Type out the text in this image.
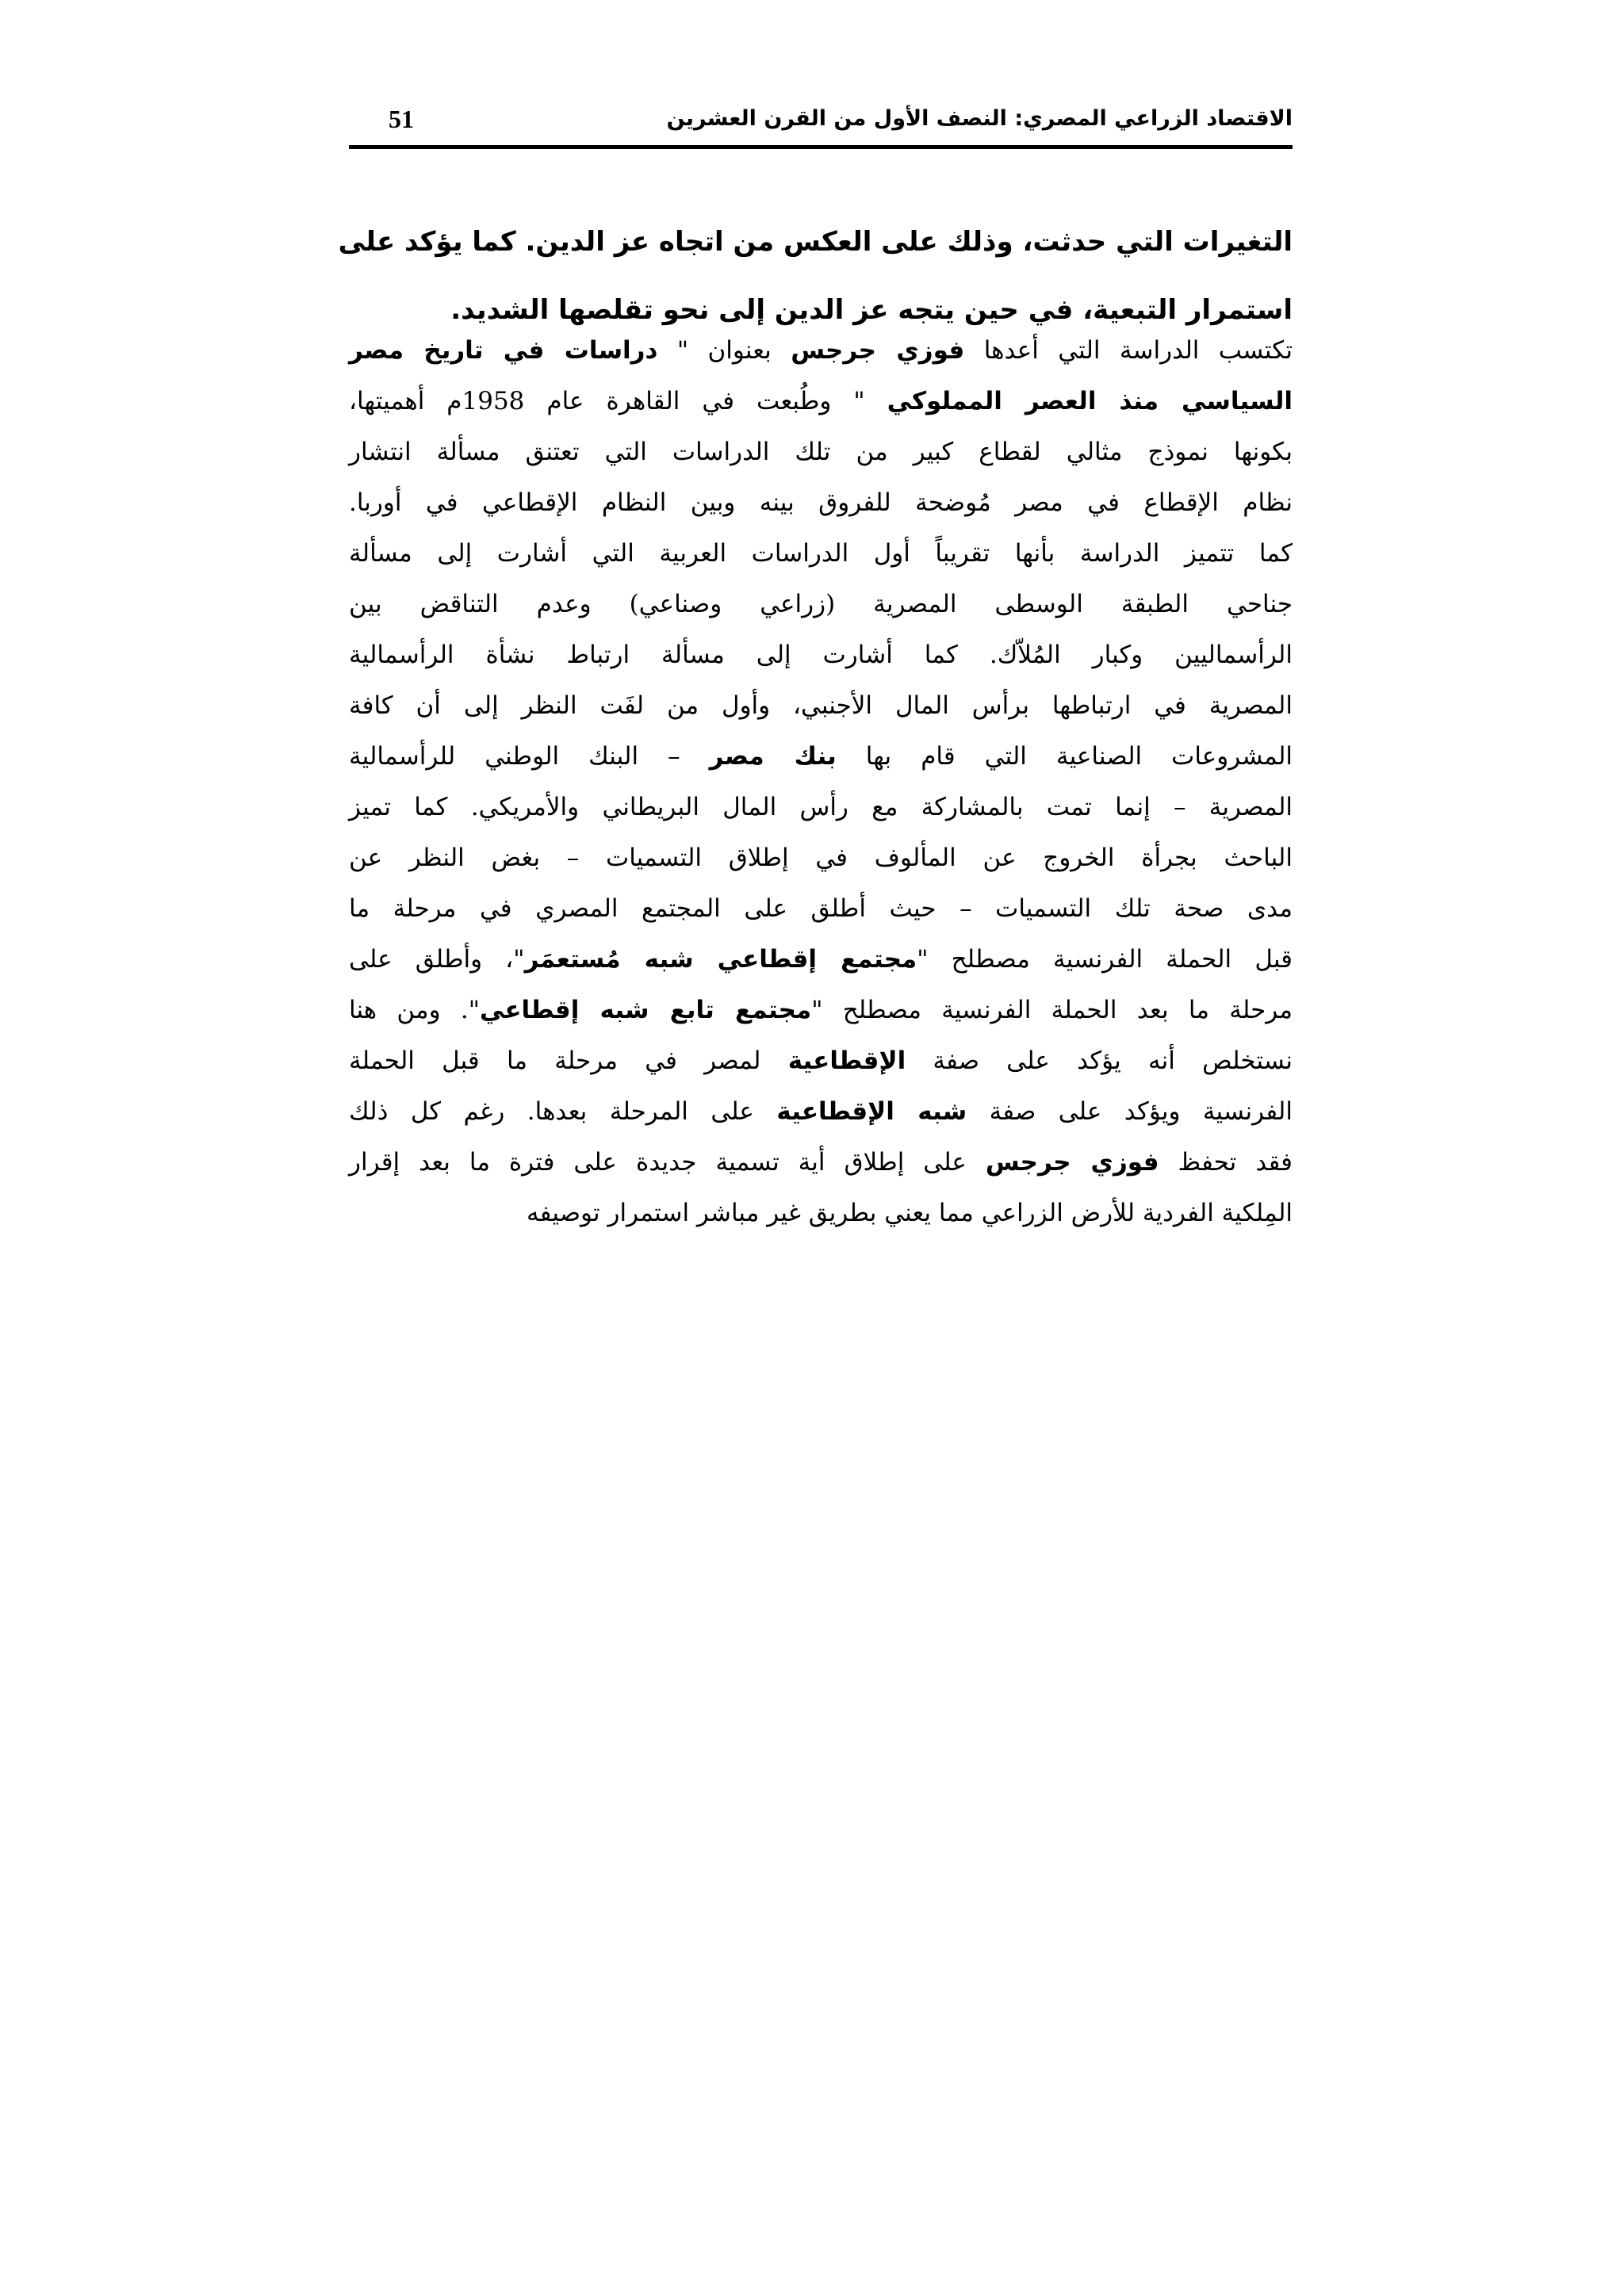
الاقتصاد الزراعي المصري: النصف الأول من القرن العشرين
51
التغيرات التي حدثت، وذلك على العكس من اتجاه عز الدين. كما يؤكد على
استمرار التبعية، في حين يتجه عز الدين إلى نحو تقلصها الشديد.
تكتسب الدراسة التي أعدها فوزي جرجس بعنوان " دراسات في تاريخ مصر
السياسي منذ العصر المملوكي " وطُبعت في القاهرة عام 1958م أهميتها،
بكونها نموذج مثالي لقطاع كبير من تلك الدراسات التي تعتنق مسألة انتشار
نظام الإقطاع في مصر مُوضحة للفروق بينه وبين النظام الإقطاعي في أوربا.
كما تتميز الدراسة بأنها تقريباً أول الدراسات العربية التي أشارت إلى مسألة
جناحي الطبقة الوسطى المصرية (زراعي وصناعي) وعدم التناقض بين
الرأسماليين وكبار المُلاّك. كما أشارت إلى مسألة ارتباط نشأة الرأسمالية
المصرية في ارتباطها برأس المال الأجنبي، وأول من لفَت النظر إلى أن كافة
المشروعات الصناعية التي قام بها بنك مصر – البنك الوطني للرأسمالية
المصرية – إنما تمت بالمشاركة مع رأس المال البريطاني والأمريكي. كما تميز
الباحث بجرأة الخروج عن المألوف في إطلاق التسميات – بغض النظر عن
مدى صحة تلك التسميات – حيث أطلق على المجتمع المصري في مرحلة ما
قبل الحملة الفرنسية مصطلح "مجتمع إقطاعي شبه مُستعمَر"، وأطلق على
مرحلة ما بعد الحملة الفرنسية مصطلح "مجتمع تابع شبه إقطاعي". ومن هنا
نستخلص أنه يؤكد على صفة الإقطاعية لمصر في مرحلة ما قبل الحملة
الفرنسية ويؤكد على صفة شبه الإقطاعية على المرحلة بعدها. رغم كل ذلك
فقد تحفظ فوزي جرجس على إطلاق أية تسمية جديدة على فترة ما بعد إقرار
المِلكية الفردية للأرض الزراعي مما يعني بطريق غير مباشر استمرار توصيفه
